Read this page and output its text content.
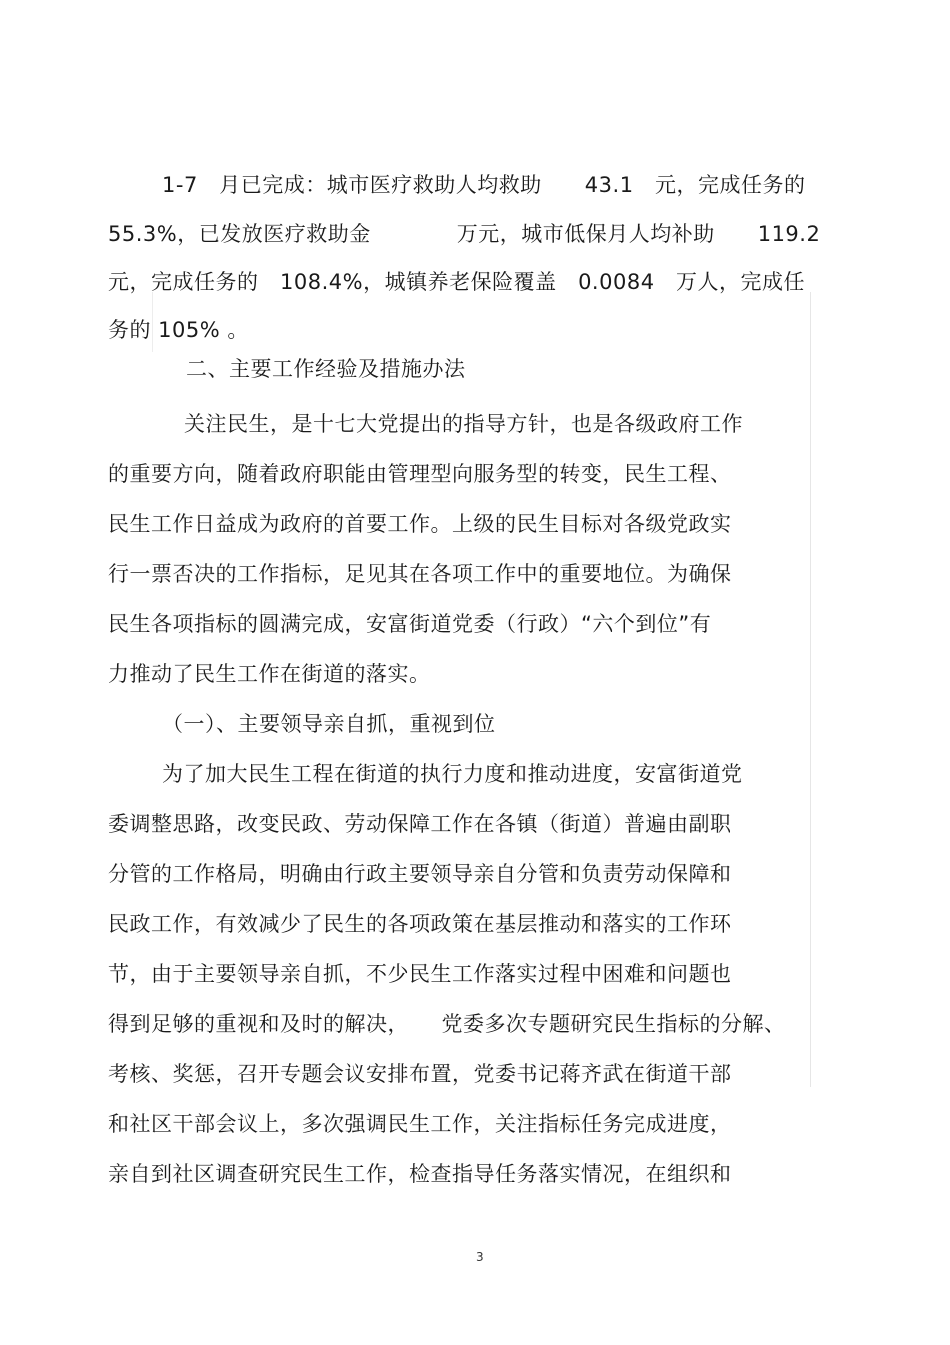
1-7　月已完成：城市医疗救助人均救助　　43.1　元，完成任务的
55.3%，已发放医疗救助金　　　　万元，城市低保月人均补助　　119.2
元，完成任务的　108.4%，城镇养老保险覆盖　0.0084　万人，完成任
务的 105% 。
二、主要工作经验及措施办法
关注民生，是十七大党提出的指导方针，也是各级政府工作
的重要方向，随着政府职能由管理型向服务型的转变，民生工程、
民生工作日益成为政府的首要工作。上级的民生目标对各级党政实
行一票否决的工作指标，足见其在各项工作中的重要地位。为确保
民生各项指标的圆满完成，安富街道党委（行政）“六个到位”有
力推动了民生工作在街道的落实。
（一）、主要领导亲自抓，重视到位
为了加大民生工程在街道的执行力度和推动进度，安富街道党
委调整思路，改变民政、劳动保障工作在各镇（街道）普遍由副职
分管的工作格局，明确由行政主要领导亲自分管和负责劳动保障和
民政工作，有效减少了民生的各项政策在基层推动和落实的工作环
节，由于主要领导亲自抓，不少民生工作落实过程中困难和问题也
得到足够的重视和及时的解决，　　党委多次专题研究民生指标的分解、
考核、奖惩，召开专题会议安排布置，党委书记蒋齐武在街道干部
和社区干部会议上，多次强调民生工作，关注指标任务完成进度，
亲自到社区调查研究民生工作，检查指导任务落实情况，在组织和
3
